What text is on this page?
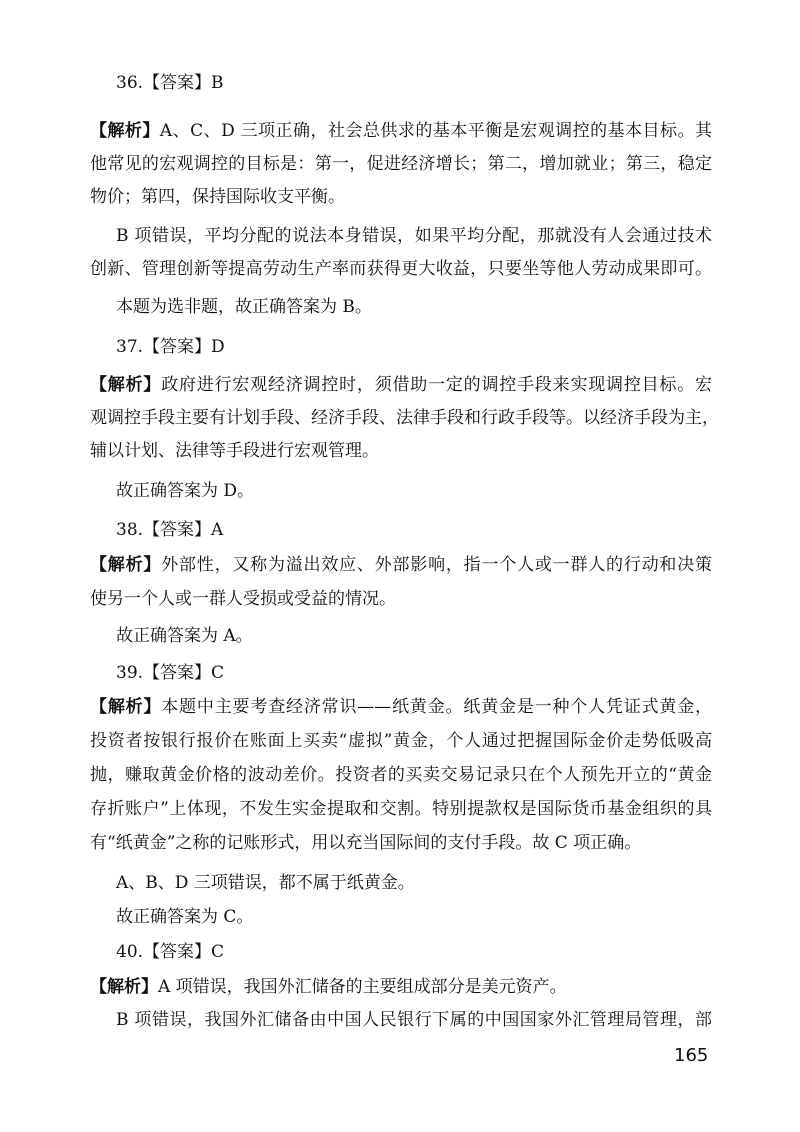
36.【答案】B
【解析】A、C、D 三项正确，社会总供求的基本平衡是宏观调控的基本目标。其
他常见的宏观调控的目标是：第一，促进经济增长；第二，增加就业；第三，稳定
物价；第四，保持国际收支平衡。
B 项错误，平均分配的说法本身错误，如果平均分配，那就没有人会通过技术
创新、管理创新等提高劳动生产率而获得更大收益，只要坐等他人劳动成果即可。
本题为选非题，故正确答案为 B。
37.【答案】D
【解析】政府进行宏观经济调控时，须借助一定的调控手段来实现调控目标。宏
观调控手段主要有计划手段、经济手段、法律手段和行政手段等。以经济手段为主，
辅以计划、法律等手段进行宏观管理。
故正确答案为 D。
38.【答案】A
【解析】外部性，又称为溢出效应、外部影响，指一个人或一群人的行动和决策
使另一个人或一群人受损或受益的情况。
故正确答案为 A。
39.【答案】C
【解析】本题中主要考查经济常识——纸黄金。纸黄金是一种个人凭证式黄金，
投资者按银行报价在账面上买卖“虚拟”黄金，个人通过把握国际金价走势低吸高
抛，赚取黄金价格的波动差价。投资者的买卖交易记录只在个人预先开立的“黄金
存折账户”上体现，不发生实金提取和交割。特别提款权是国际货币基金组织的具
有“纸黄金”之称的记账形式，用以充当国际间的支付手段。故 C 项正确。
A、B、D 三项错误，都不属于纸黄金。
故正确答案为 C。
40.【答案】C
【解析】A 项错误，我国外汇储备的主要组成部分是美元资产。
B 项错误，我国外汇储备由中国人民银行下属的中国国家外汇管理局管理，部
165
